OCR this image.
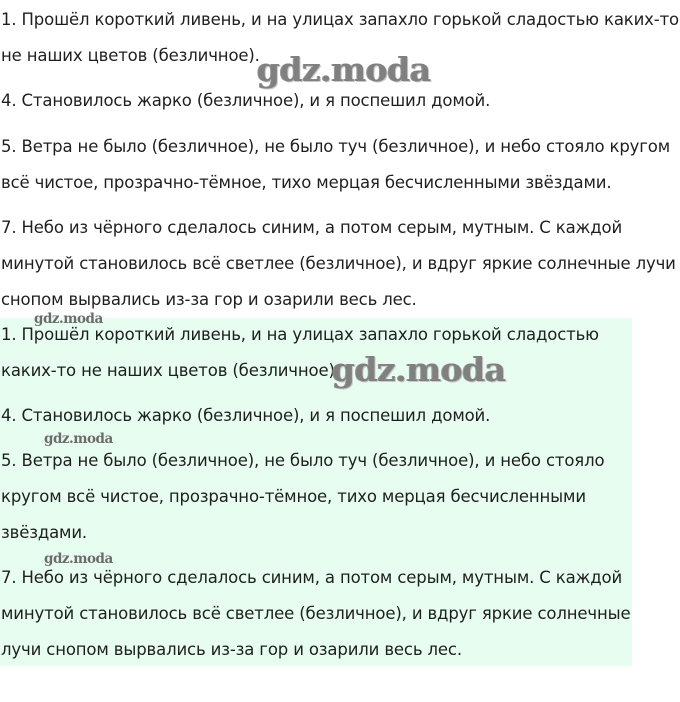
1. Прошёл короткий ливень, и на улицах запахло горькой сладостью каких-то
не наших цветов (безличное).
4. Становилось жарко (безличное), и я поспешил домой.
5. Ветра не было (безличное), не было туч (безличное), и небо стояло кругом
всё чистое, прозрачно-тёмное, тихо мерцая бесчисленными звёздами.
7. Небо из чёрного сделалось синим, а потом серым, мутным. С каждой
минутой становилось всё светлее (безличное), и вдруг яркие солнечные лучи
снопом вырвались из-за гор и озарили весь лес.
1. Прошёл короткий ливень, и на улицах запахло горькой сладостью
каких-то не наших цветов (безличное).
4. Становилось жарко (безличное), и я поспешил домой.
5. Ветра не было (безличное), не было туч (безличное), и небо стояло
кругом всё чистое, прозрачно-тёмное, тихо мерцая бесчисленными
звёздами.
7. Небо из чёрного сделалось синим, а потом серым, мутным. С каждой
минутой становилось всё светлее (безличное), и вдруг яркие солнечные
лучи снопом вырвались из-за гор и озарили весь лес.
gdz.moda
gdz.moda
gdz.moda
gdz.moda
gdz.moda
